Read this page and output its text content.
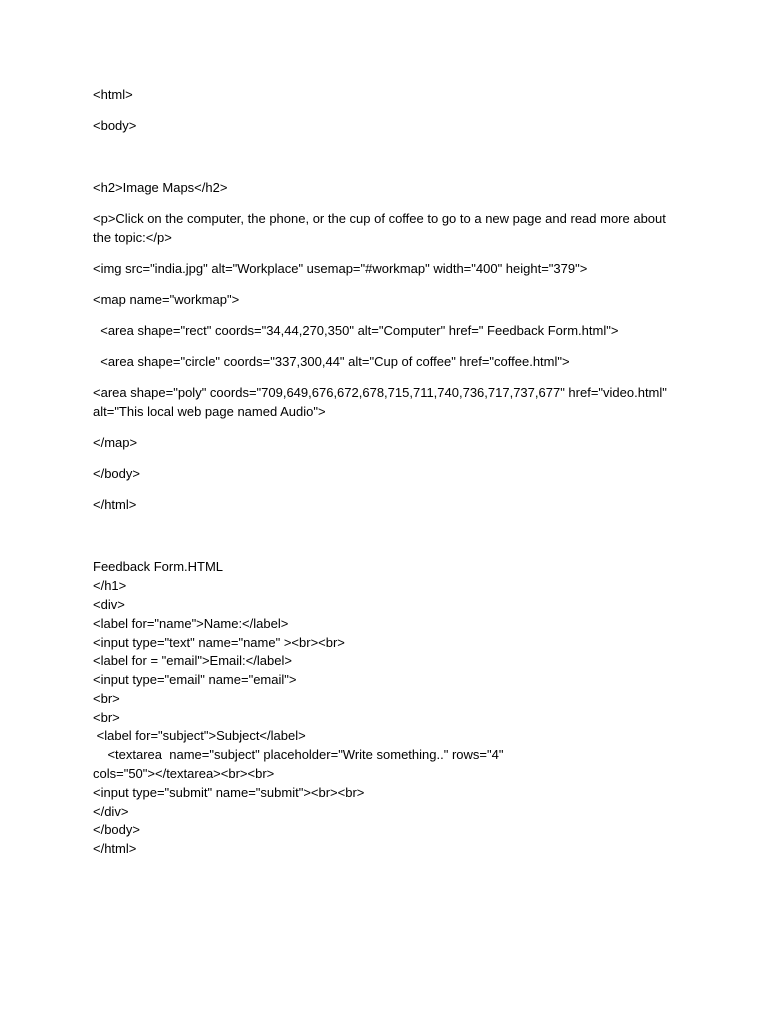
<html>

<body>

<h2>Image Maps</h2>

<p>Click on the computer, the phone, or the cup of coffee to go to a new page and read more about the topic:</p>

<img src="india.jpg" alt="Workplace" usemap="#workmap" width="400" height="379">

<map name="workmap">

<area shape="rect" coords="34,44,270,350" alt="Computer" href=" Feedback Form.html">

<area shape="circle" coords="337,300,44" alt="Cup of coffee" href="coffee.html">

<area shape="poly" coords="709,649,676,672,678,715,711,740,736,717,737,677" href="video.html" alt="This local web page named Audio">

</map>

</body>

</html>

Feedback Form.HTML

</h1>

<div>

<label for="name">Name:</label>

<input type="text" name="name" ><br><br>

<label for = "email">Email:</label>

<input type="email" name="email">

<br>

<br>

<label for="subject">Subject</label>

<textarea  name="subject" placeholder="Write something.." rows="4"

cols="50"></textarea><br><br>

<input type="submit" name="submit"><br><br>

</div>

</body>

</html>
